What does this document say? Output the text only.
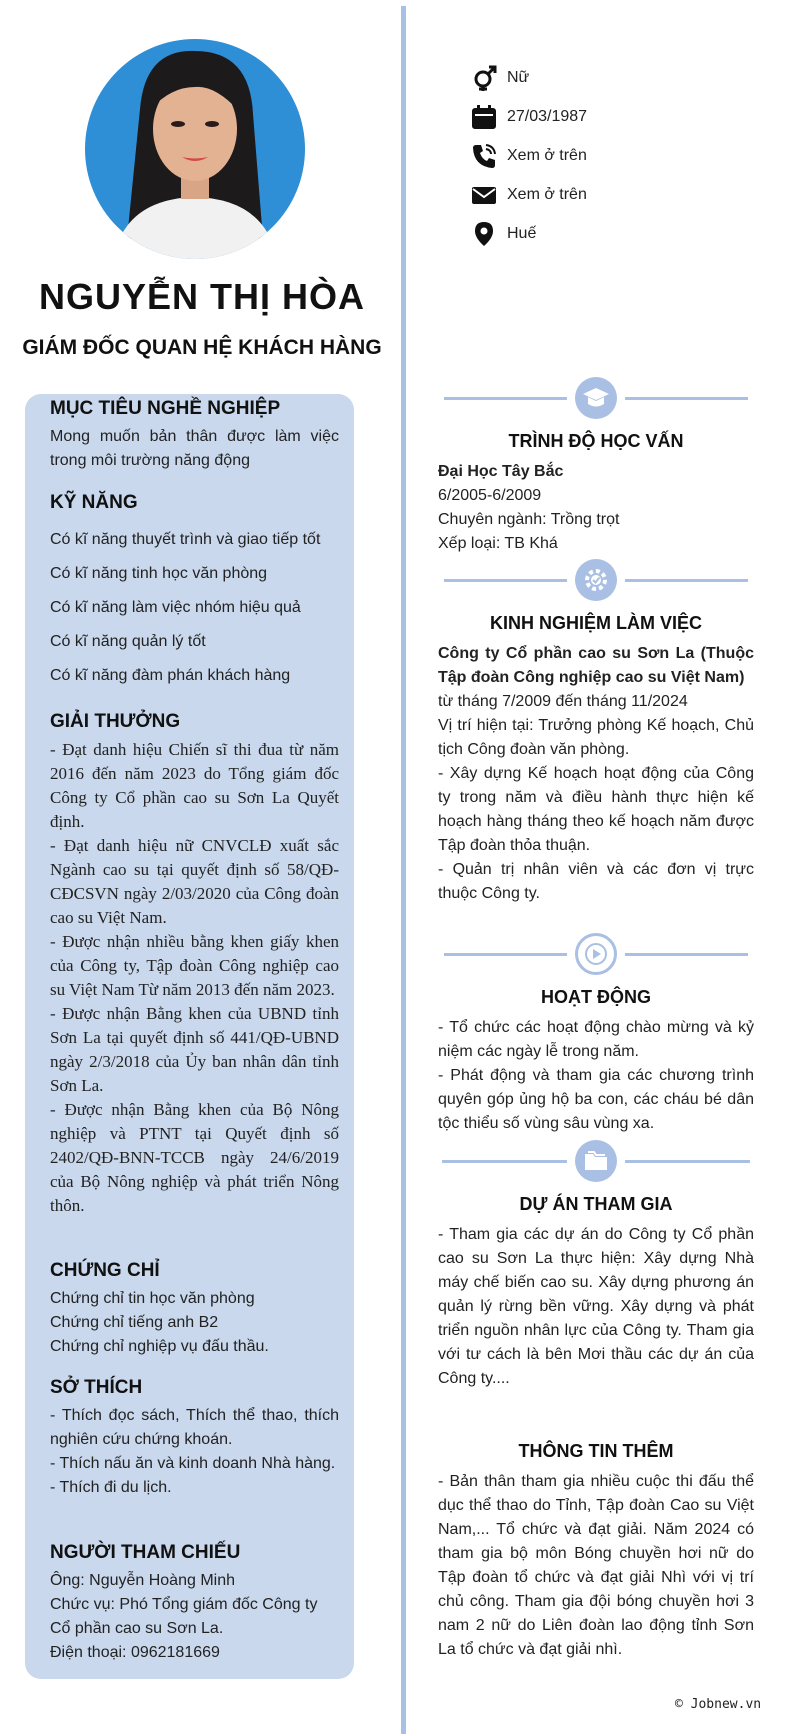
NGUYỄN THỊ HÒA
GIÁM ĐỐC QUAN HỆ KHÁCH HÀNG
MỤC TIÊU NGHỀ NGHIỆP

Mong muốn bản thân được làm việc trong môi trường năng động

KỸ NĂNG

Có kĩ năng thuyết trình và giao tiếp tốt

Có kĩ năng tinh học văn phòng

Có kĩ năng làm việc nhóm hiệu quả

Có kĩ năng quản lý tốt

Có kĩ năng đàm phán khách hàng

GIẢI THƯỞNG

- Đạt danh hiệu Chiến sĩ thi đua từ năm 2016 đến năm 2023 do Tổng giám đốc Công ty Cổ phần cao su Sơn La Quyết định.

- Đạt danh hiệu nữ CNVCLĐ xuất sắc Ngành cao su tại quyết định số 58/QĐ-CĐCSVN ngày 2/03/2020 của Công đoàn cao su Việt Nam.

- Được nhận nhiều bằng khen giấy khen của Công ty, Tập đoàn Công nghiệp cao su Việt Nam Từ năm 2013 đến năm 2023.

- Được nhận Bằng khen của UBND tỉnh Sơn La tại quyết định số 441/QĐ-UBND ngày 2/3/2018 của Ủy ban nhân dân tỉnh Sơn La.

- Được nhận Bằng khen của Bộ Nông nghiệp và PTNT tại Quyết định số 2402/QĐ-BNN-TCCB ngày 24/6/2019 của Bộ Nông nghiệp và phát triển Nông thôn.

CHỨNG CHỈ

Chứng chỉ tin học văn phòng

Chứng chỉ tiếng anh B2

Chứng chỉ nghiệp vụ đấu thầu.

SỞ THÍCH

- Thích đọc sách, Thích thể thao, thích nghiên cứu chứng khoán.

- Thích nấu ăn và kinh doanh Nhà hàng.

- Thích đi du lịch.

NGƯỜI THAM CHIẾU

Ông: Nguyễn Hoàng Minh

Chức vụ: Phó Tổng giám đốc Công ty Cổ phần cao su Sơn La.

Điện thoại: 0962181669

Nữ
27/03/1987
Xem ở trên
Xem ở trên
Huế
TRÌNH ĐỘ HỌC VẤN

Đại Học Tây Bắc

6/2005-6/2009

Chuyên ngành: Trồng trọt

Xếp loại: TB Khá

KINH NGHIỆM LÀM VIỆC

Công ty Cổ phần cao su Sơn La (Thuộc Tập đoàn Công nghiệp cao su Việt Nam)

từ tháng 7/2009 đến tháng 11/2024

Vị trí hiện tại: Trưởng phòng Kế hoạch, Chủ tịch Công đoàn văn phòng.

- Xây dựng Kế hoạch hoạt động của Công ty trong năm và điều hành thực hiện kế hoạch hàng tháng theo kế hoạch năm được Tập đoàn thỏa thuận.

- Quản trị nhân viên và các đơn vị trực thuộc Công ty.

HOẠT ĐỘNG

- Tổ chức các hoạt động chào mừng và kỷ niệm các ngày lễ trong năm.

- Phát động và tham gia các chương trình quyên góp ủng hộ ba con, các cháu bé dân tộc thiểu số vùng sâu vùng xa.

DỰ ÁN THAM GIA

- Tham gia các dự án do Công ty Cổ phần cao su Sơn La thực hiện: Xây dựng Nhà máy chế biến cao su. Xây dựng phương án quản lý rừng bền vững. Xây dựng và phát triển nguồn nhân lực của Công ty. Tham gia với tư cách là bên Mơi thầu các dự án của Công ty....

THÔNG TIN THÊM

- Bản thân tham gia nhiều cuộc thi đấu thể dục thể thao do Tỉnh, Tập đoàn Cao su Việt Nam,... Tổ chức và đạt giải. Năm 2024 có tham gia bộ môn Bóng chuyền hơi nữ do Tập đoàn tổ chức và đạt giải Nhì với vị trí chủ công. Tham gia đội bóng chuyền hơi 3 nam 2 nữ do Liên đoàn lao động tỉnh Sơn La tổ chức và đạt giải nhì.

© Jobnew.vn
